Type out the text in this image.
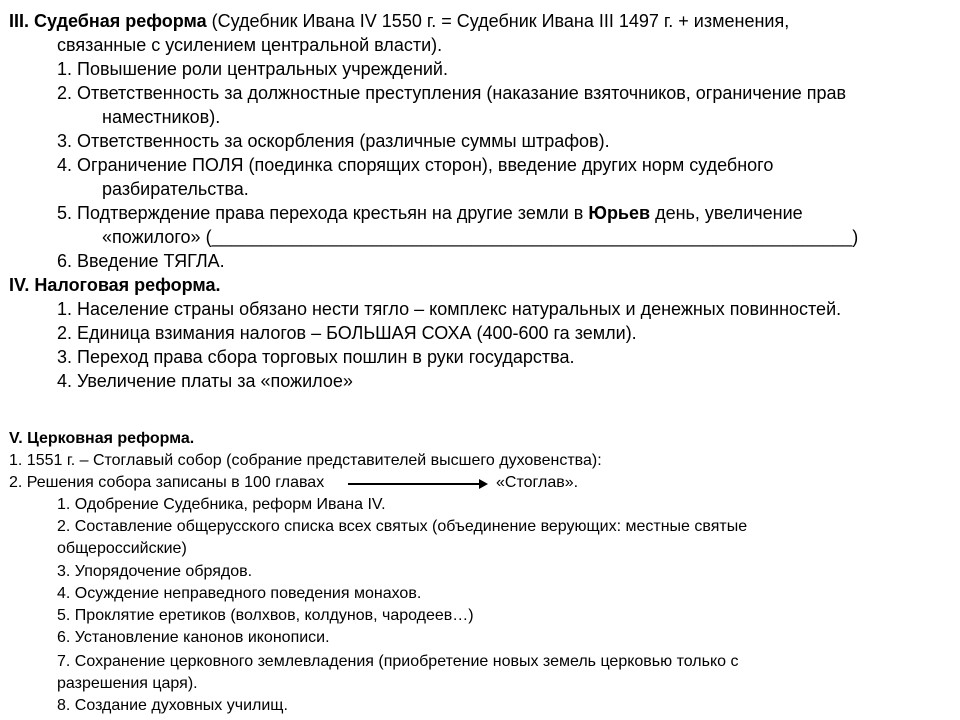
III. Судебная реформа (Судебник Ивана IV 1550 г. = Судебник Ивана III 1497 г. + изменения,
связанные с усилением центральной власти).
1. Повышение роли центральных учреждений.
2. Ответственность за должностные преступления (наказание взяточников, ограничение прав
наместников).
3. Ответственность за оскорбления (различные суммы штрафов).
4. Ограничение ПОЛЯ (поединка спорящих сторон), введение других норм судебного
разбирательства.
5. Подтверждение права перехода крестьян на другие земли в Юрьев день, увеличение
«пожилого» (________________________________________________________________)
6. Введение ТЯГЛА.
IV. Налоговая реформа.
1. Население страны обязано нести тягло – комплекс натуральных и денежных повинностей.
2. Единица взимания налогов – БОЛЬШАЯ СОХА (400-600 га земли).
3. Переход права сбора торговых пошлин в руки государства.
4. Увеличение платы за «пожилое»
V. Церковная реформа.
1. 1551 г. – Стоглавый собор (собрание представителей высшего духовенства):
2. Решения собора записаны в 100 главах	«Стоглав».
1. Одобрение Судебника, реформ Ивана IV.
2. Составление общерусского списка всех святых (объединение верующих: местные святые
общероссийские)
3. Упорядочение обрядов.
4. Осуждение неправедного поведения монахов.
5. Проклятие еретиков (волхвов, колдунов, чародеев…)
6. Установление канонов иконописи.
7. Сохранение церковного землевладения (приобретение новых земель церковью только с
разрешения царя).
8. Создание духовных училищ.
